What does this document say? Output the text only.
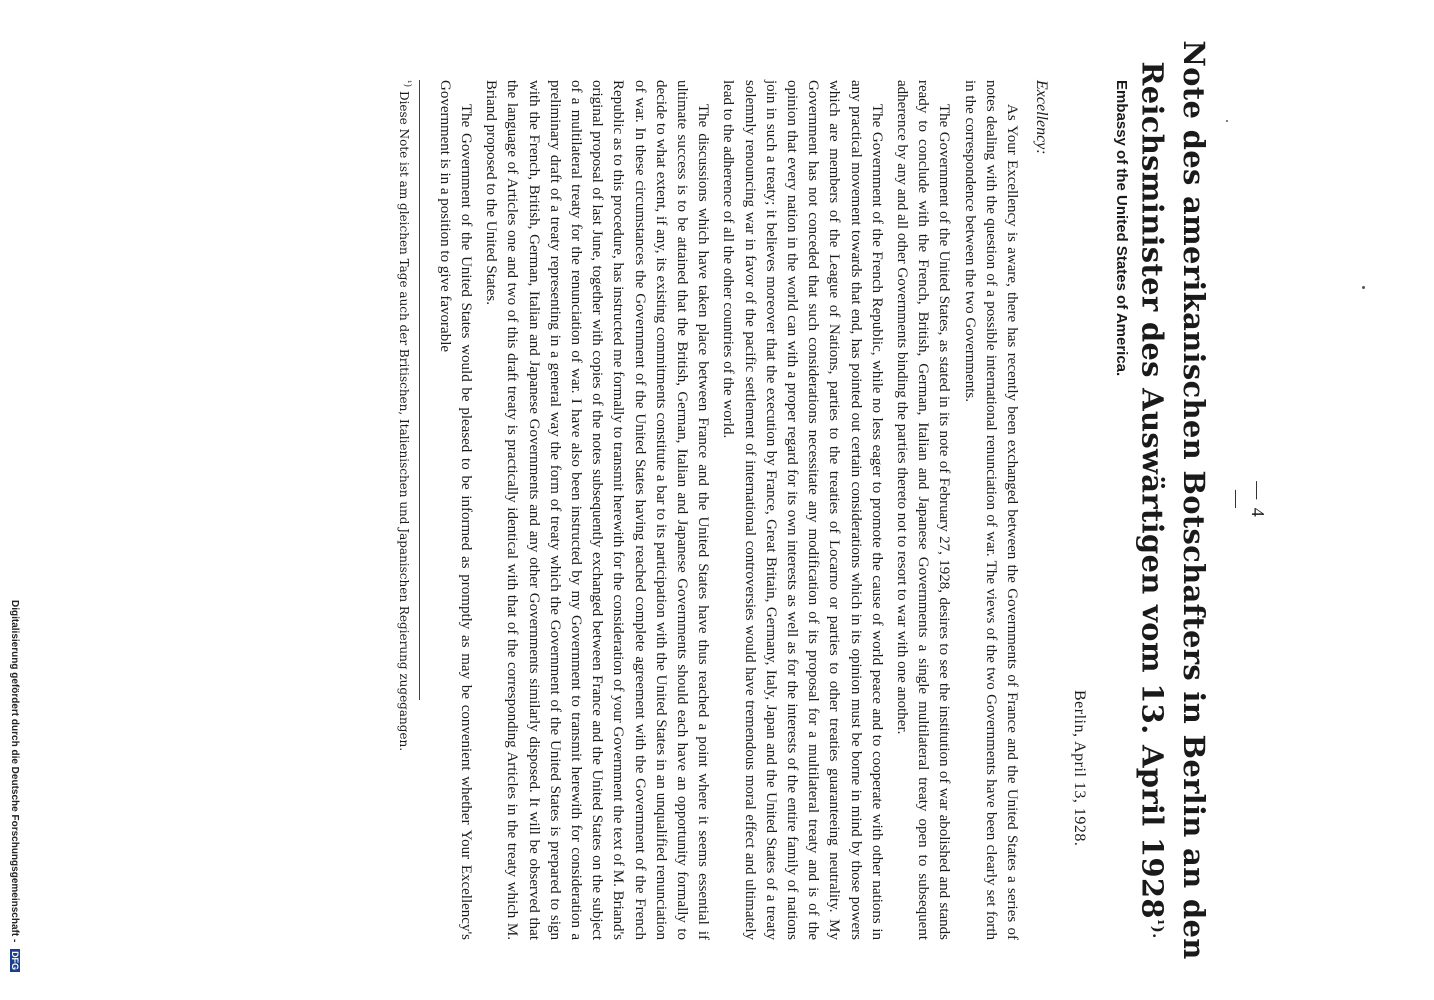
— 4 —
Note des amerikanischen Botschafters in Berlin an den Reichsminister des Auswärtigen vom 13. April $1928^{^1).}$
Embassy of the United States of America.
Berlin, April 13, 1928.
Excellency:

As Your Excellency is aware, there has recently been exchanged between the Governments of France and the United States a series of notes dealing with the question of a possible international renunciation of war. The views of the two Governments have been clearly set forth in the correspondence between the two Governments.

The Government of the United States, as stated in its note of February 27, 1928, desires to see the institution of war abolished and stands ready to conclude with the French, British, German, Italian and Japanese Governments a single multilateral treaty open to subsequent adherence by any and all other Governments binding the parties thereto not to resort to war with one another.

The Government of the French Republic, while no less eager to promote the cause of world peace and to cooperate with other nations in any practical movement towards that end, has pointed out certain considerations which in its opinion must be borne in mind by those powers which are members of the League of Nations, parties to the treaties of Locarno or parties to other treaties guaranteeing neutrality. My Government has not conceded that such considerations necessitate any modification of its proposal for a multilateral treaty and is of the opinion that every nation in the world can with a proper regard for its own interests as well as for the interests of the entire family of nations join in such a treaty; it believes moreover that the execution by France, Great Britain, Germany, Italy, Japan and the United States of a treaty solemnly renouncing war in favor of the pacific settlement of international controversies would have tremendous moral effect and ultimately lead to the adherence of all the other countries of the world.

The discussions which have taken place between France and the United States have thus reached a point where it seems essential if ultimate success is to be attained that the British, German, Italian and Japanese Governments should each have an opportunity formally to decide to what extent, if any, its existing commitments constitute a bar to its participation with the United States in an unqualified renunciation of war. In these circumstances the Government of the United States having reached complete agreement with the Government of the French Republic as to this procedure, has instructed me formally to transmit herewith for the consideration of your Government the text of M. Briand's original proposal of last June, together with copies of the notes subsequently exchanged between France and the United States on the subject of a multilateral treaty for the renunciation of war. I have also been instructed by my Government to transmit herewith for consideration a preliminary draft of a treaty representing in a general way the form of treaty which the Government of the United States is prepared to sign with the French, British, German, Italian and Japanese Governments and any other Governments similarly disposed. It will be observed that the language of Articles one and two of this draft treaty is practically identical with that of the corresponding Articles in the treaty which M. Briand proposed to the United States.

The Government of the United States would be pleased to be informed as promptly as may be convenient whether Your Excellency's Government is in a position to give favorable

$^{^1)}$ Diese Note ist am gleichen Tage auch der Britischen, Italienischen und Japanischen Regierung zugegangen.
Digitalisierung gefördert durch die Deutsche Forschungsgemeinschaft - DFG
